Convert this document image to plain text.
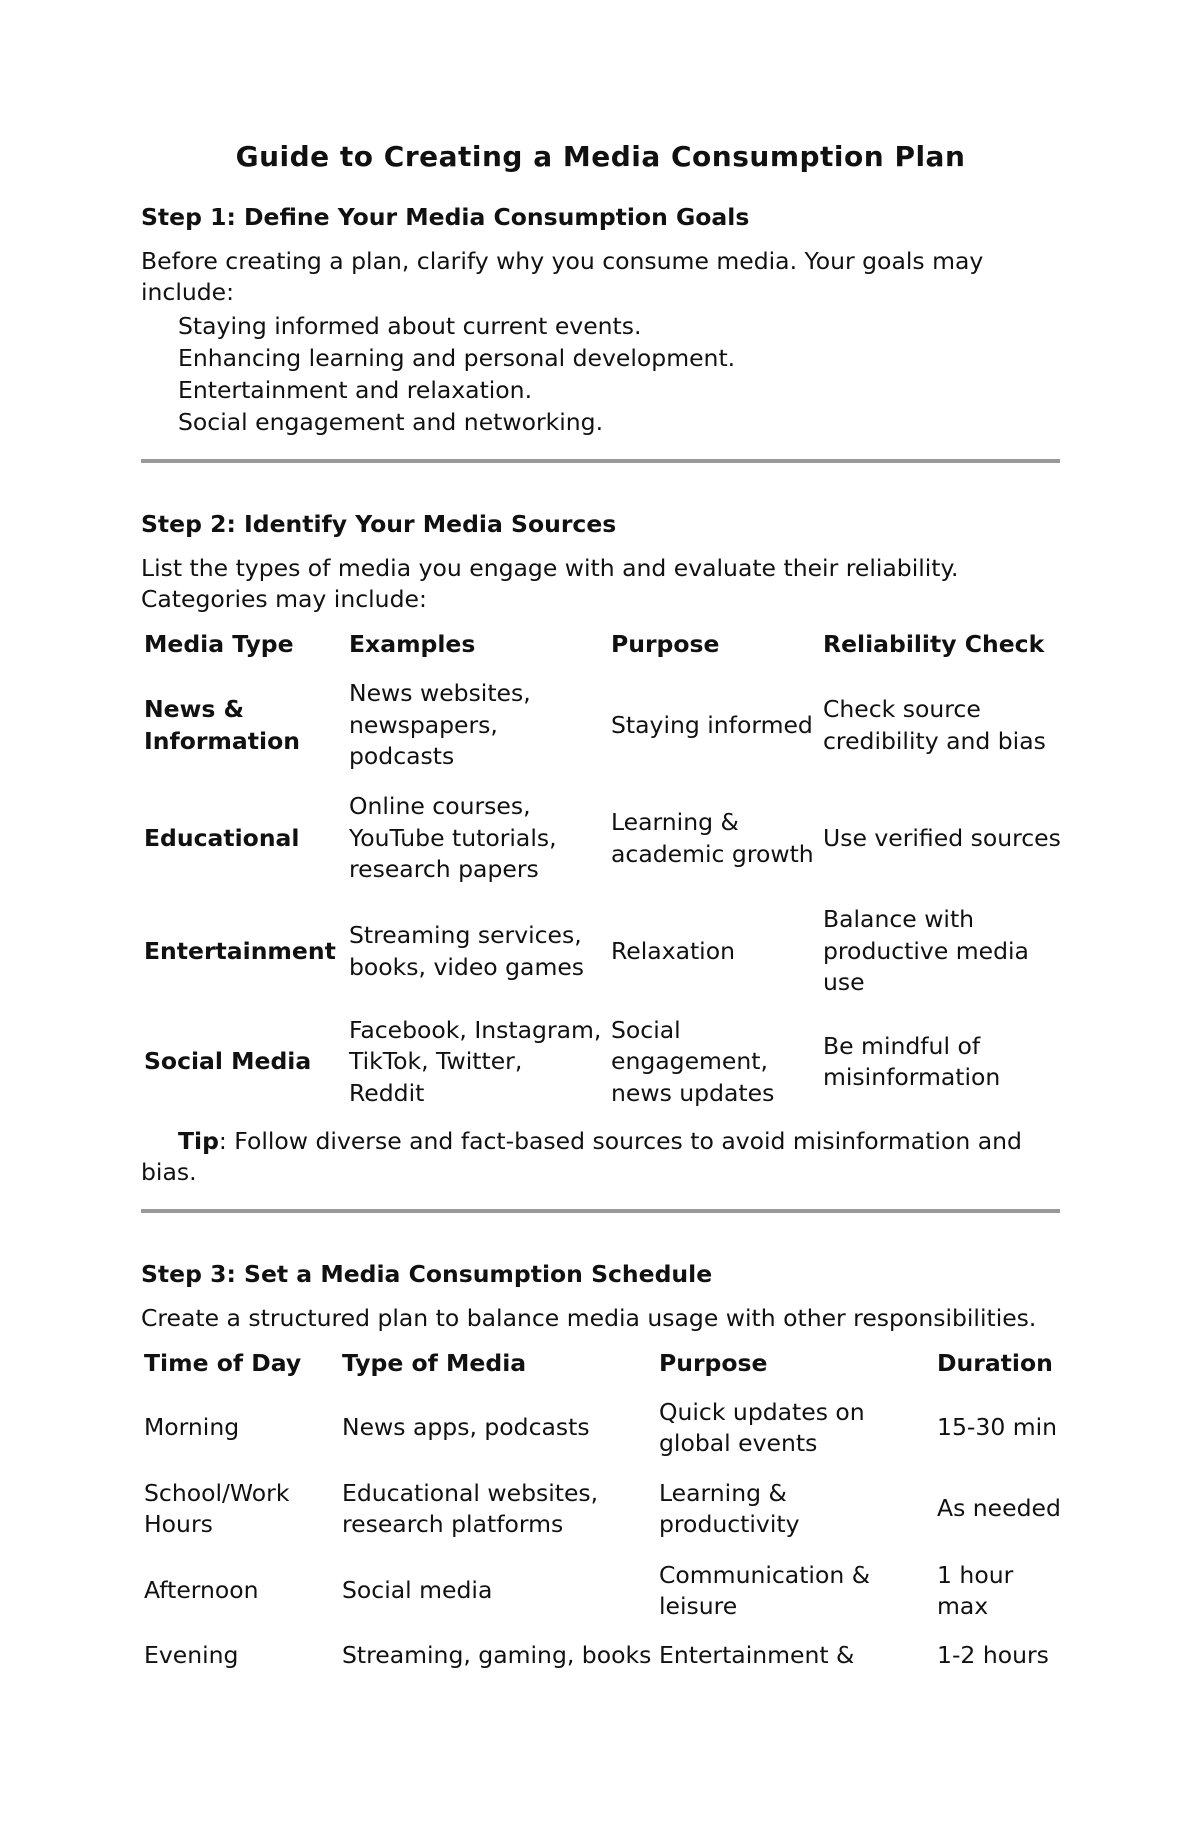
Guide to Creating a Media Consumption Plan
Step 1: Define Your Media Consumption Goals

Before creating a plan, clarify why you consume media. Your goals may include:

Staying informed about current events.
Enhancing learning and personal development.
Entertainment and relaxation.
Social engagement and networking.
Step 2: Identify Your Media Sources

List the types of media you engage with and evaluate their reliability. Categories may include:

Media Type	Examples	Purpose	Reliability Check
News & Information	News websites, newspapers, podcasts	Staying informed	Check source credibility and bias
Educational	Online courses, YouTube tutorials, research papers	Learning & academic growth	Use verified sources
Entertainment	Streaming services, books, video games	Relaxation	Balance with productive media use
Social Media	Facebook, Instagram, TikTok, Twitter, Reddit	Social engagement, news updates	Be mindful of misinformation

Tip: Follow diverse and fact-based sources to avoid misinformation and bias.

Step 3: Set a Media Consumption Schedule

Create a structured plan to balance media usage with other responsibilities.

Time of Day	Type of Media	Purpose	Duration
Morning	News apps, podcasts	Quick updates on global events	15-30 min
School/Work Hours	Educational websites, research platforms	Learning & productivity	As needed
Afternoon	Social media	Communication & leisure	1 hour max
Evening	Streaming, gaming, books	Entertainment &	1-2 hours
